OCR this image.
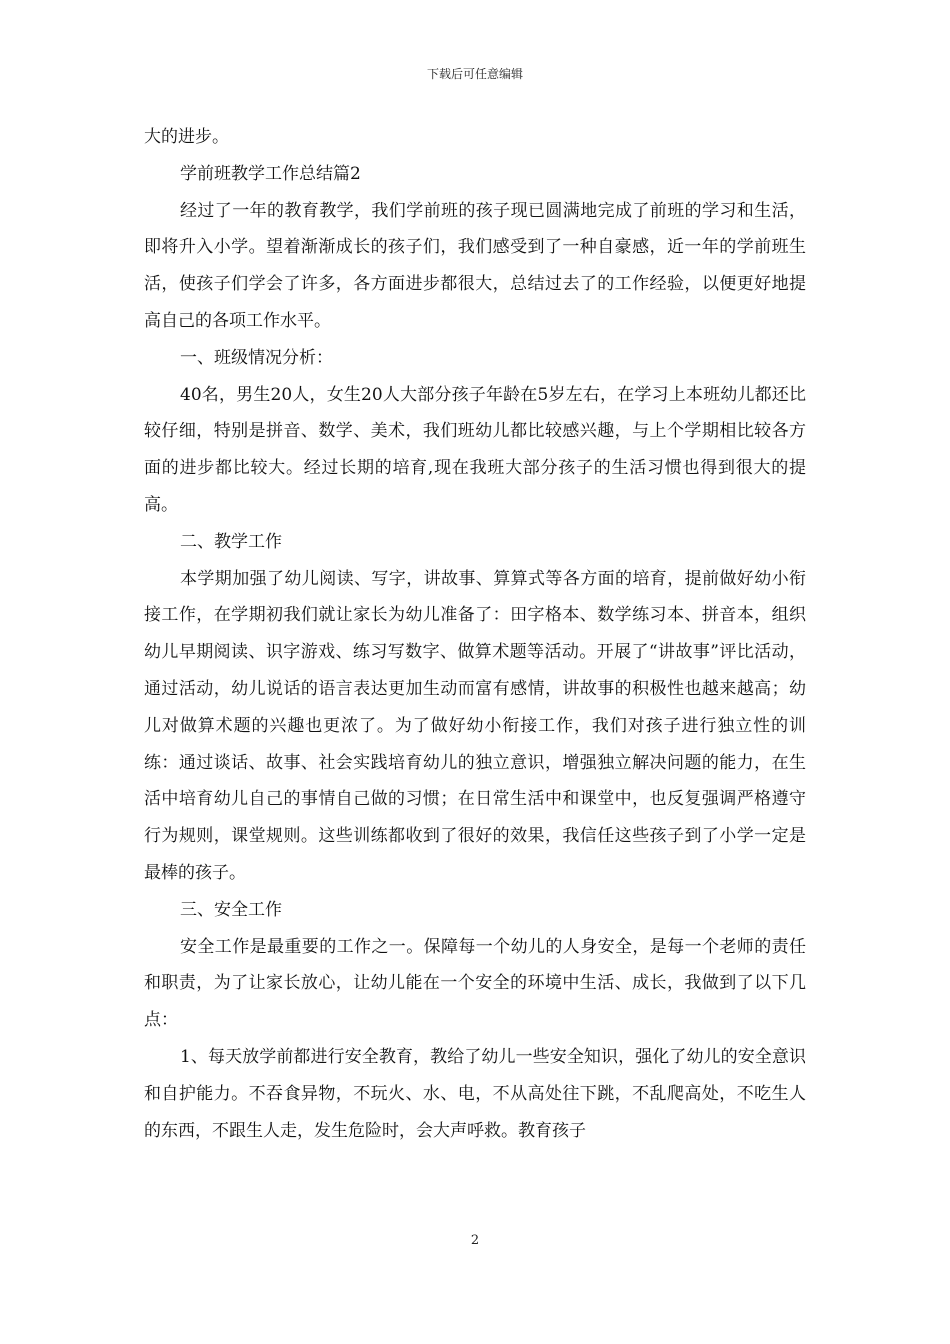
下载后可任意编辑

大的进步。

学前班教学工作总结篇2

经过了一年的教育教学，我们学前班的孩子现已圆满地完成了前班的学习和生活，即将升入小学。望着渐渐成长的孩子们，我们感受到了一种自豪感，近一年的学前班生活，使孩子们学会了许多，各方面进步都很大，总结过去了的工作经验，以便更好地提高自己的各项工作水平。

一、班级情况分析：

40名，男生20人，女生20人大部分孩子年龄在5岁左右，在学习上本班幼儿都还比较仔细，特别是拼音、数学、美术，我们班幼儿都比较感兴趣，与上个学期相比较各方面的进步都比较大。经过长期的培育,现在我班大部分孩子的生活习惯也得到很大的提高。

二、教学工作

本学期加强了幼儿阅读、写字，讲故事、算算式等各方面的培育，提前做好幼小衔接工作，在学期初我们就让家长为幼儿准备了：田字格本、数学练习本、拼音本，组织幼儿早期阅读、识字游戏、练习写数字、做算术题等活动。开展了“讲故事”评比活动，通过活动，幼儿说话的语言表达更加生动而富有感情，讲故事的积极性也越来越高；幼儿对做算术题的兴趣也更浓了。为了做好幼小衔接工作，我们对孩子进行独立性的训练：通过谈话、故事、社会实践培育幼儿的独立意识，增强独立解决问题的能力，在生活中培育幼儿自己的事情自己做的习惯；在日常生活中和课堂中，也反复强调严格遵守行为规则，课堂规则。这些训练都收到了很好的效果，我信任这些孩子到了小学一定是最棒的孩子。

三、安全工作

安全工作是最重要的工作之一。保障每一个幼儿的人身安全，是每一个老师的责任和职责，为了让家长放心，让幼儿能在一个安全的环境中生活、成长，我做到了以下几点：

1、每天放学前都进行安全教育，教给了幼儿一些安全知识，强化了幼儿的安全意识和自护能力。不吞食异物，不玩火、水、电，不从高处往下跳，不乱爬高处，不吃生人的东西，不跟生人走，发生危险时，会大声呼救。教育孩子

2
